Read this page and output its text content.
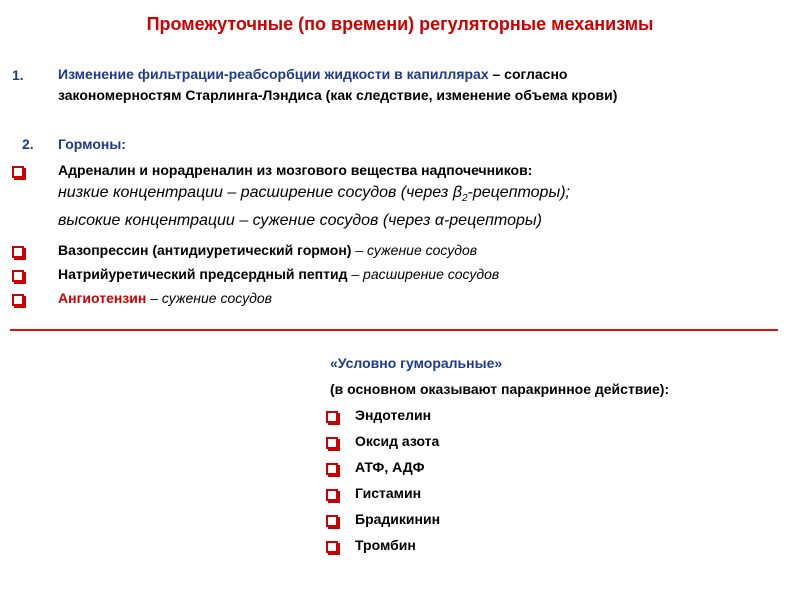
Промежуточные (по времени) регуляторные механизмы
1. Изменение фильтрации-реабсорбции жидкости в капиллярах – согласно
закономерностям Старлинга-Лэндиса (как следствие, изменение объема крови)
2. Гормоны:
Адреналин и норадреналин из мозгового вещества надпочечников:
низкие концентрации – расширение сосудов (через $\beta_2-рецепторы$);
высокие концентрации – сужение сосудов (через α-рецепторы)
Вазопрессин (антидиуретический гормон) – сужение сосудов
Натрийуретический предсердный пептид – расширение сосудов
Ангиотензин – сужение сосудов
«Условно гуморальные»
(в основном оказывают паракринное действие):
Эндотелин
Оксид азота
АТФ, АДФ
Гистамин
Брадикинин
Тромбин
